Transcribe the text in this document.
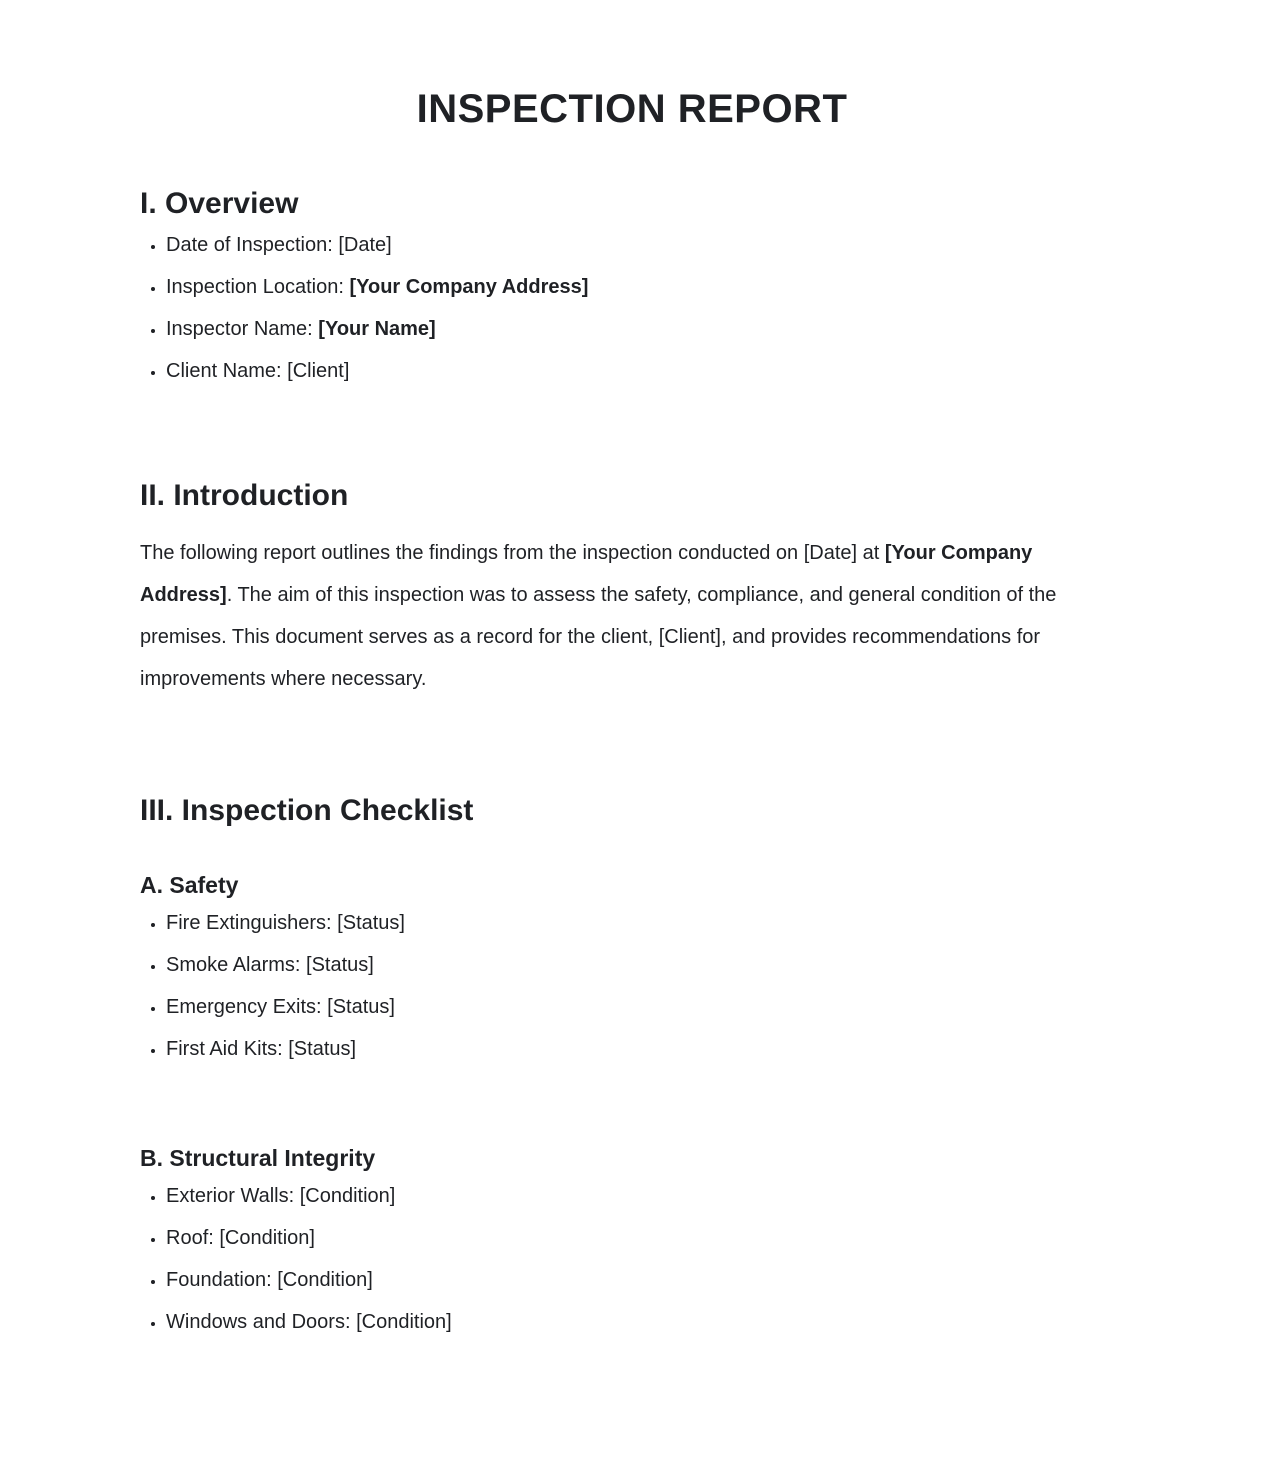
INSPECTION REPORT
I. Overview
• Date of Inspection: [Date]
• Inspection Location: [Your Company Address]
• Inspector Name: [Your Name]
• Client Name: [Client]
II. Introduction

The following report outlines the findings from the inspection conducted on [Date] at [Your Company Address]. The aim of this inspection was to assess the safety, compliance, and general condition of the premises. This document serves as a record for the client, [Client], and provides recommendations for improvements where necessary.

III. Inspection Checklist
A. Safety
• Fire Extinguishers: [Status]
• Smoke Alarms: [Status]
• Emergency Exits: [Status]
• First Aid Kits: [Status]
B. Structural Integrity
• Exterior Walls: [Condition]
• Roof: [Condition]
• Foundation: [Condition]
• Windows and Doors: [Condition]
